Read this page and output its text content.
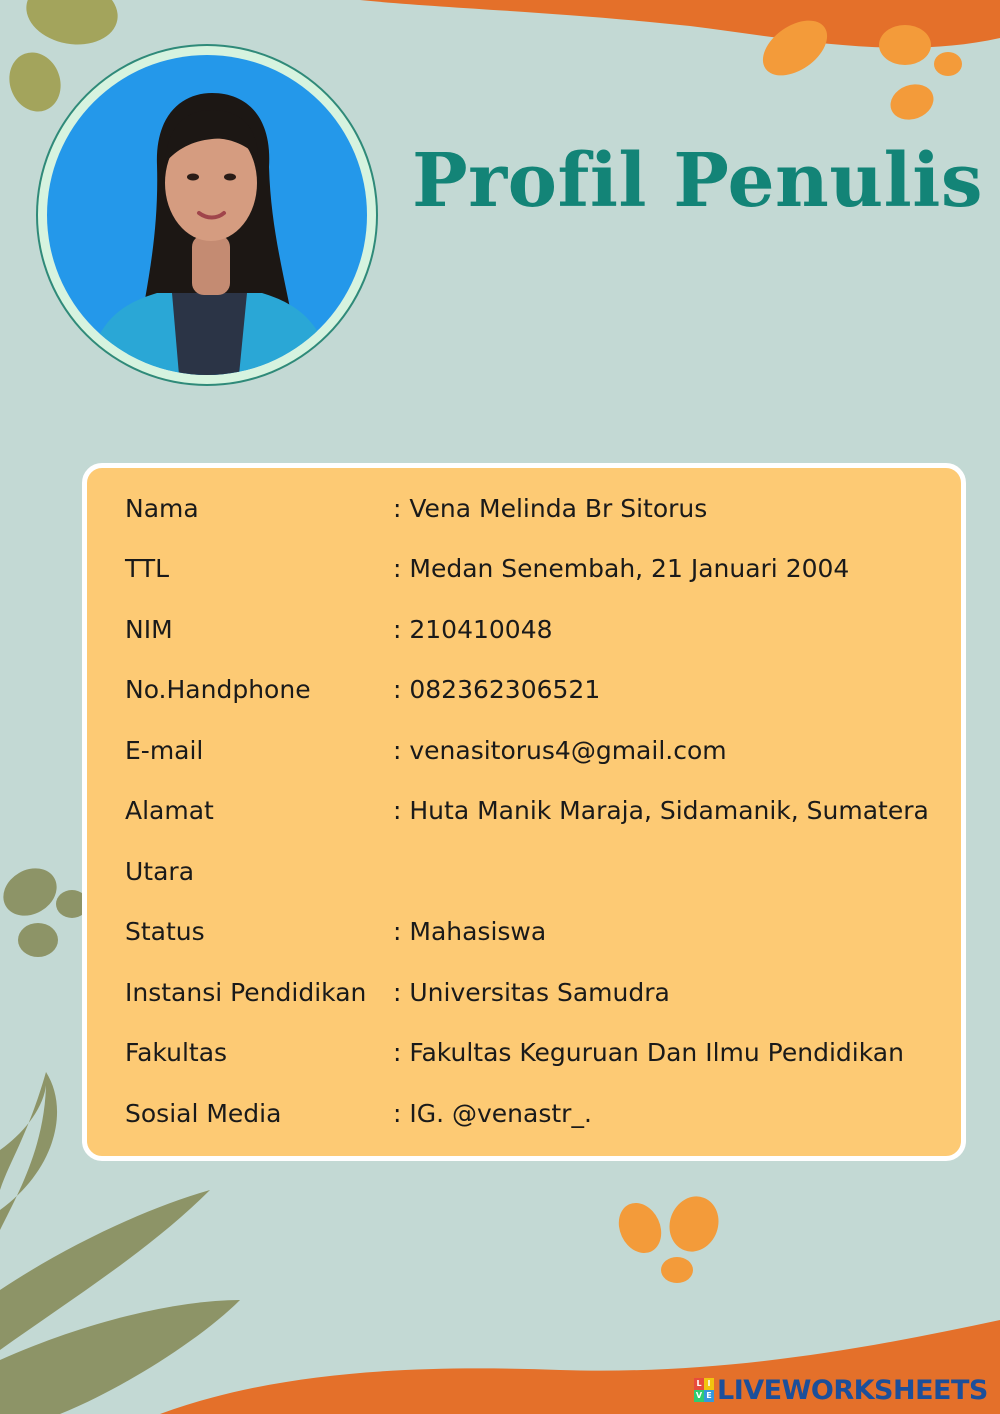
Profil Penulis
Nama	: Vena Melinda Br Sitorus
TTL	: Medan Senembah, 21 Januari 2004
NIM	: 210410048
No.Handphone	: 082362306521
E-mail	: venasitorus4@gmail.com
Alamat	: Huta Manik Maraja, Sidamanik, Sumatera
Utara
Status	: Mahasiswa
Instansi Pendidikan	: Universitas Samudra
Fakultas	: Fakultas Keguruan Dan Ilmu Pendidikan
Sosial Media	: IG. @venastr_.
L I
V E LIVEWORKSHEETS
